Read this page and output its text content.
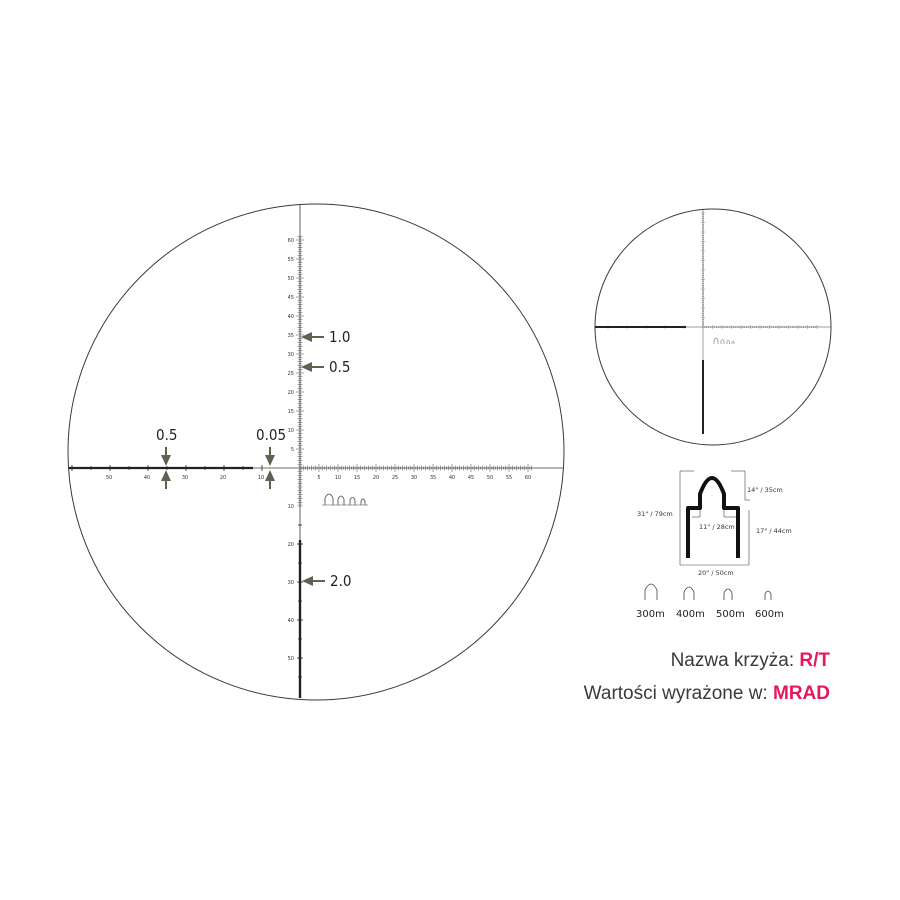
5	10	15	20	25	30	35	40	45	50	55	60
50	40	30	20	10
5
10
15
20
25
30
35
40
45
50
55
60
10
20
30
40
50
1.0
0.5
0.5	0.05
2.0
14" / 35cm
31" / 79cm
11" / 28cm	17" / 44cm
20" / 50cm
300m 400m 500m 600m
Nazwa krzyża: R/T
Wartości wyrażone w: MRAD
